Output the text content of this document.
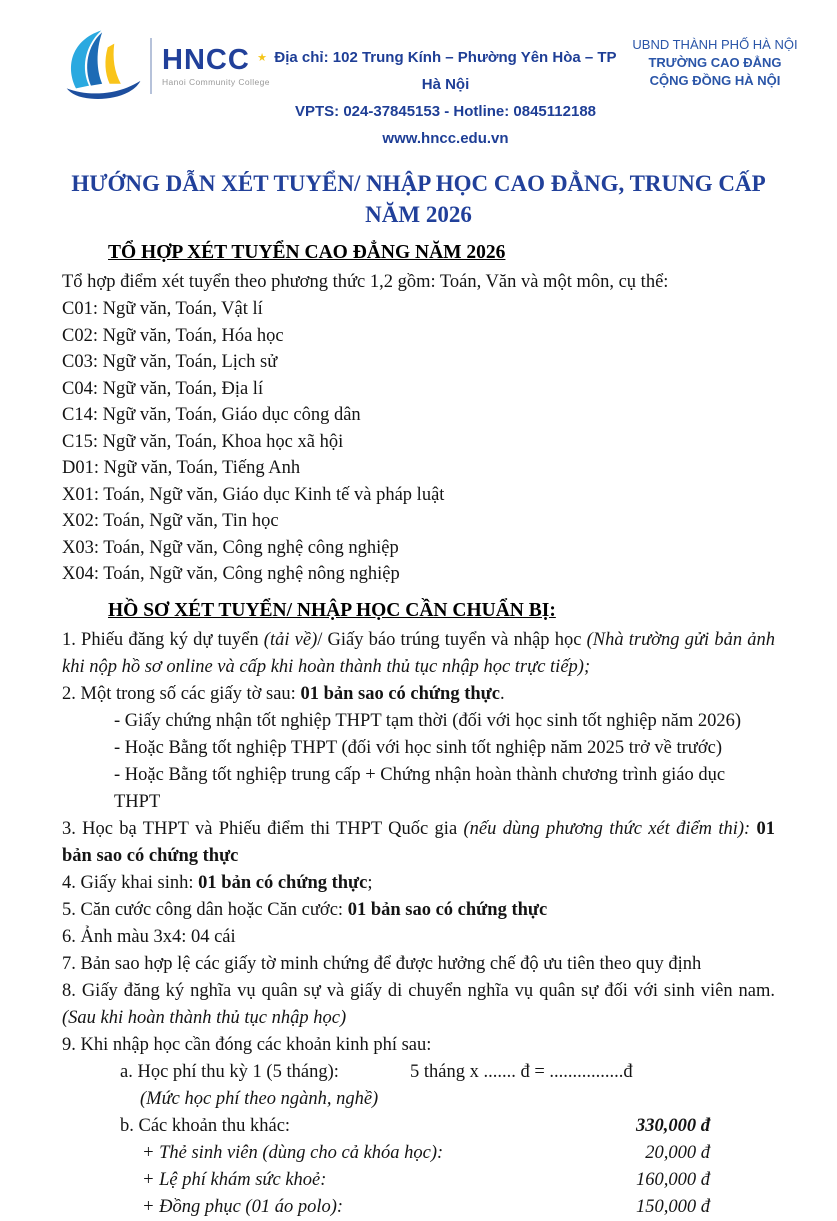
HNCC ★
Hanoi Community College
Địa chỉ: 102 Trung Kính – Phường Yên Hòa – TP Hà Nội
VPTS: 024-37845153 - Hotline: 0845112188
www.hncc.edu.vn
UBND THÀNH PHỐ HÀ NỘI
TRƯỜNG CAO ĐẲNG
CỘNG ĐỒNG HÀ NỘI
HƯỚNG DẪN XÉT TUYỂN/ NHẬP HỌC CAO ĐẲNG, TRUNG CẤP
NĂM 2026
TỔ HỢP XÉT TUYỂN CAO ĐẲNG NĂM 2026

Tổ hợp điểm xét tuyển theo phương thức 1,2 gồm: Toán, Văn và một môn, cụ thể:

C01: Ngữ văn, Toán, Vật lí

C02: Ngữ văn, Toán, Hóa học

C03: Ngữ văn, Toán, Lịch sử

C04: Ngữ văn, Toán, Địa lí

C14: Ngữ văn, Toán, Giáo dục công dân

C15: Ngữ văn, Toán, Khoa học xã hội

D01: Ngữ văn, Toán, Tiếng Anh

X01: Toán, Ngữ văn, Giáo dục Kinh tế và pháp luật

X02: Toán, Ngữ văn, Tin học

X03: Toán, Ngữ văn, Công nghệ công nghiệp

X04: Toán, Ngữ văn, Công nghệ nông nghiệp

HỒ SƠ XÉT TUYỂN/ NHẬP HỌC CẦN CHUẨN BỊ:

1. Phiếu đăng ký dự tuyển (tải về)/ Giấy báo trúng tuyển và nhập học (Nhà trường gửi bản ảnh khi nộp hồ sơ online và cấp khi hoàn thành thủ tục nhập học trực tiếp);

2. Một trong số các giấy tờ sau: 01 bản sao có chứng thực.

- Giấy chứng nhận tốt nghiệp THPT tạm thời (đối với học sinh tốt nghiệp năm 2026)

- Hoặc Bằng tốt nghiệp THPT (đối với học sinh tốt nghiệp năm 2025 trở về trước)

- Hoặc Bằng tốt nghiệp trung cấp + Chứng nhận hoàn thành chương trình giáo dục THPT

3. Học bạ THPT và Phiếu điểm thi THPT Quốc gia (nếu dùng phương thức xét điểm thi): 01 bản sao có chứng thực

4. Giấy khai sinh: 01 bản có chứng thực;

5. Căn cước công dân hoặc Căn cước: 01 bản sao có chứng thực

6. Ảnh màu 3x4: 04 cái

7. Bản sao hợp lệ các giấy tờ minh chứng để được hưởng chế độ ưu tiên theo quy định

8. Giấy đăng ký nghĩa vụ quân sự và giấy di chuyển nghĩa vụ quân sự đối với sinh viên nam. (Sau khi hoàn thành thủ tục nhập học)

9. Khi nhập học cần đóng các khoản kinh phí sau:

a. Học phí thu kỳ 1 (5 tháng):	5 tháng x ....... đ = ................đ

(Mức học phí theo ngành, nghề)

b. Các khoản thu khác:	330,000 đ
+ Thẻ sinh viên (dùng cho cả khóa học):	20,000 đ
+ Lệ phí khám sức khoẻ:	160,000 đ
+ Đồng phục (01 áo polo):	150,000 đ
